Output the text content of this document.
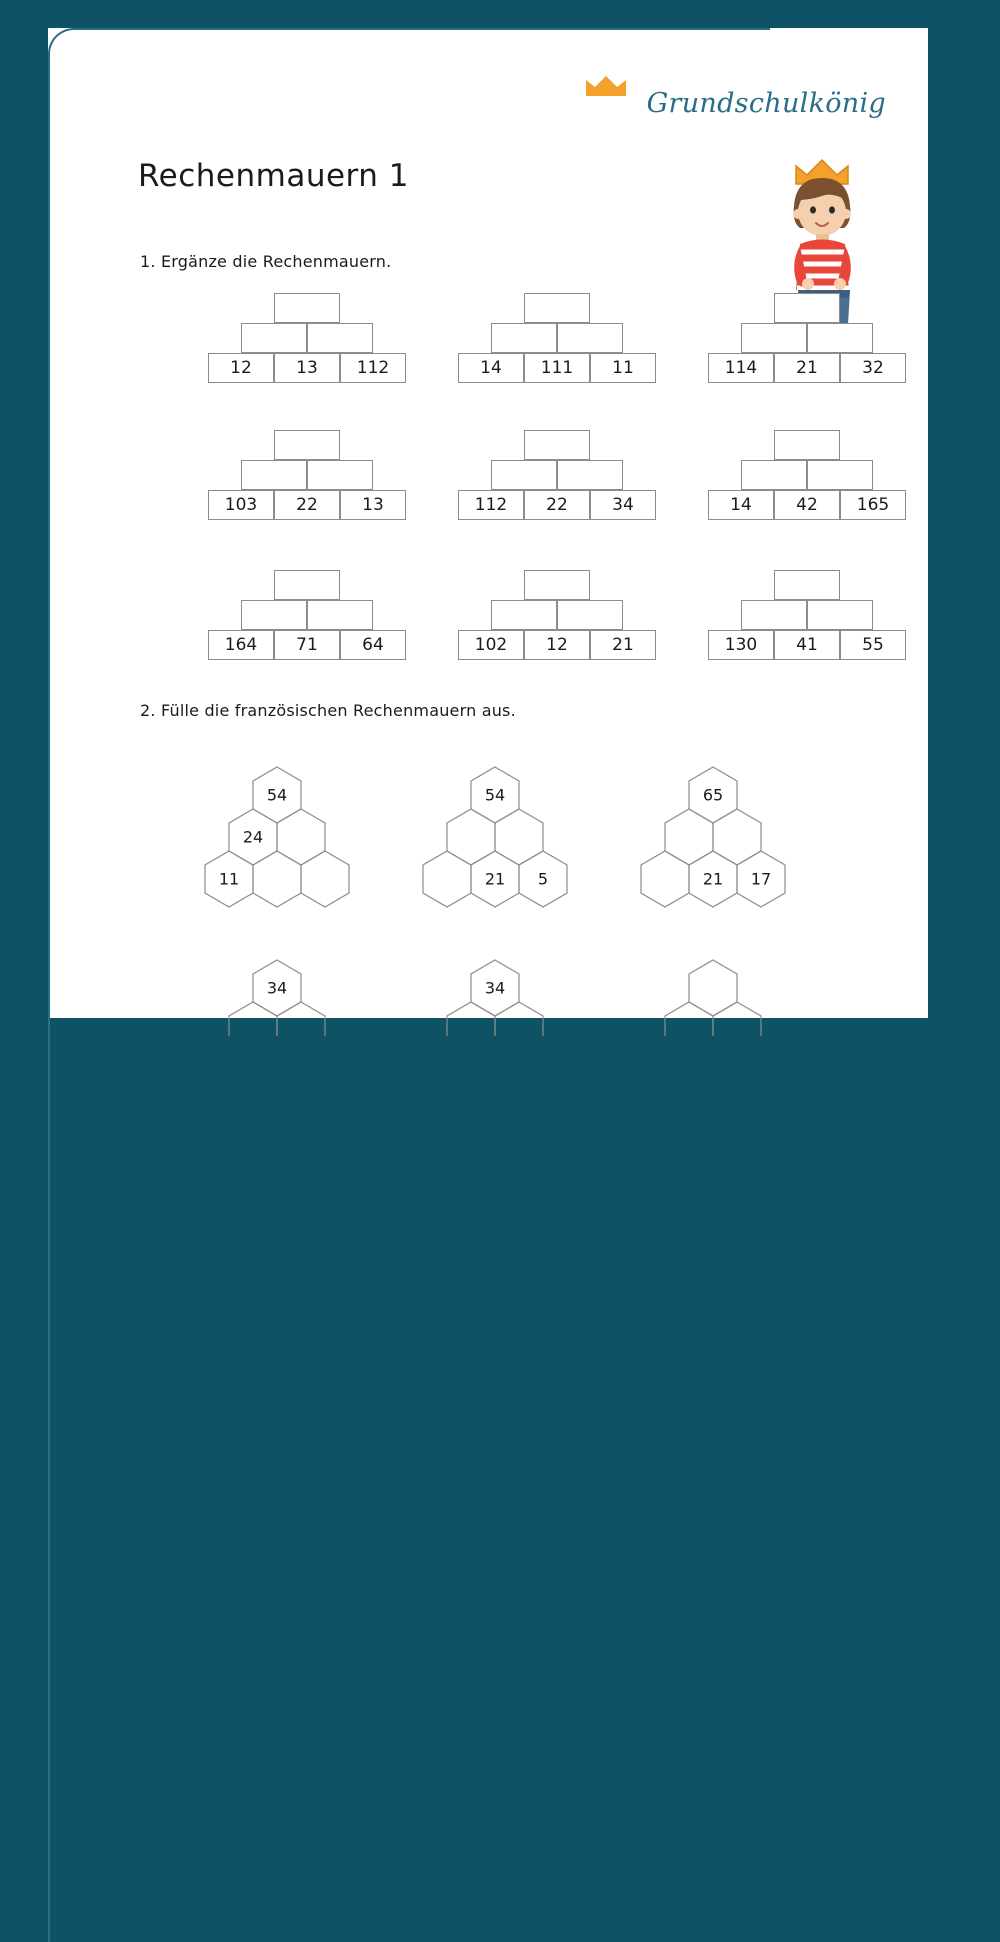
Grundschulkönig
Rechenmauern 1
1. Ergänze die Rechenmauern.
12	13	112	14	111	11	114	21	32
103	22	13	112	22	34	14	42	165
164	71	64	102	12	21	130	41	55
2. Fülle die französischen Rechenmauern aus.
54
24
11
54
21 5
65
21 17
34	34
